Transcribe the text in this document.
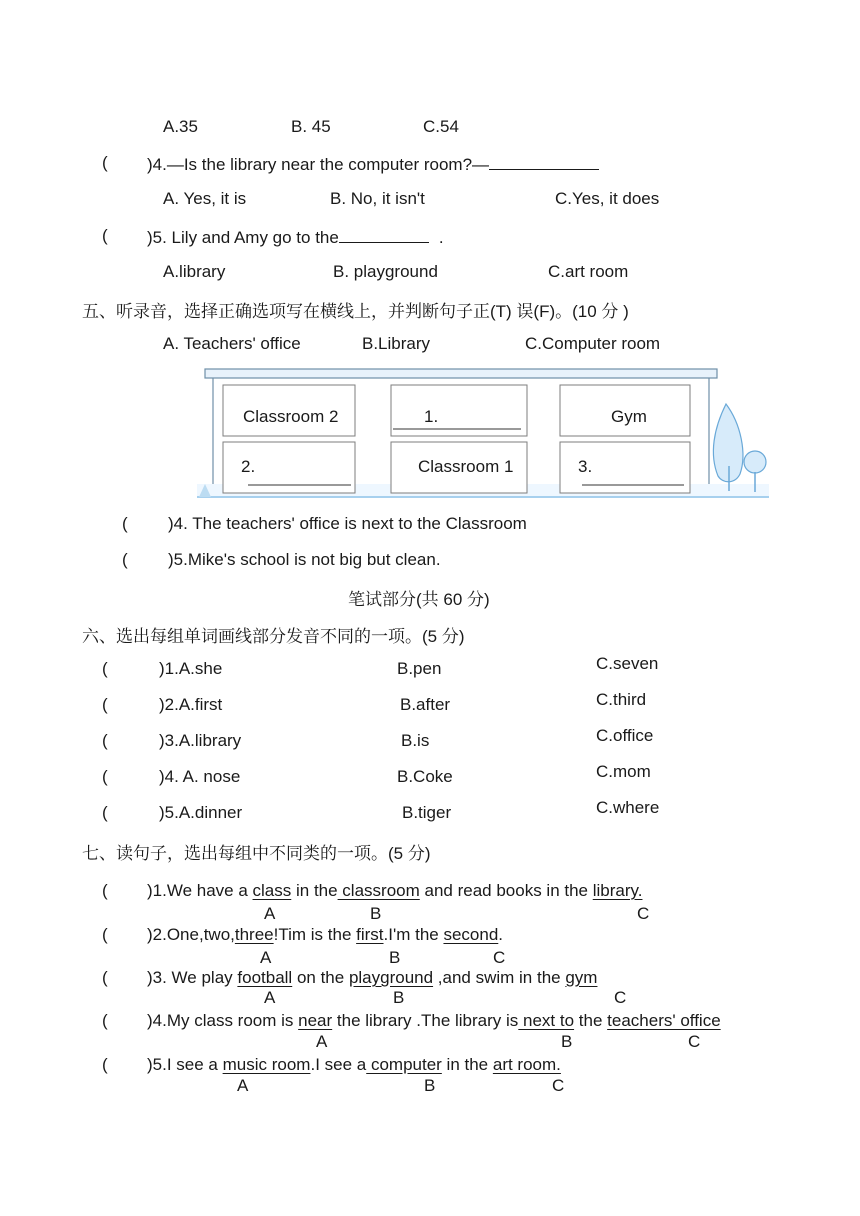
A.35	B. 45	C.54
( )4.—Is the library near the computer room?—
A. Yes, it is	B. No, it isn't	C.Yes, it does
( )5. Lily and Amy go to the	.
A.library	B. playground	C.art room
五、听录音，选择正确选项写在横线上，并判断句子正(T) 误(F)。(10 分 )
A. Teachers' office	B.Library	C.Computer room
Classroom 2	1.	Gym
2.	Classroom 1	3.
( )4. The teachers' office is next to the Classroom
( )5.Mike's school is not big but clean.
笔试部分(共 60 分)
六、选出每组单词画线部分发音不同的一项。(5 分)
(	)1.A.she	B.pen	C.seven
(	)2.A.first	B.after	C.third
(	)3.A.library	B.is	C.office
(	)4. A. nose	B.Coke	C.mom
(	)5.A.dinner	B.tiger	C.where
七、读句子，选出每组中不同类的一项。(5 分)
( )1.We have a class in the classroom and read books in the library.
A	B	C
( )2.One,two,three!Tim is the first.I'm the second.
A	B	C
( )3. We play football on the playground ,and swim in the gym
A	B	C
( )4.My class room is near the library .The library is next to the teachers' office
A	B	C
( )5.I see a music room.I see a computer in the art room.
A	B	C
